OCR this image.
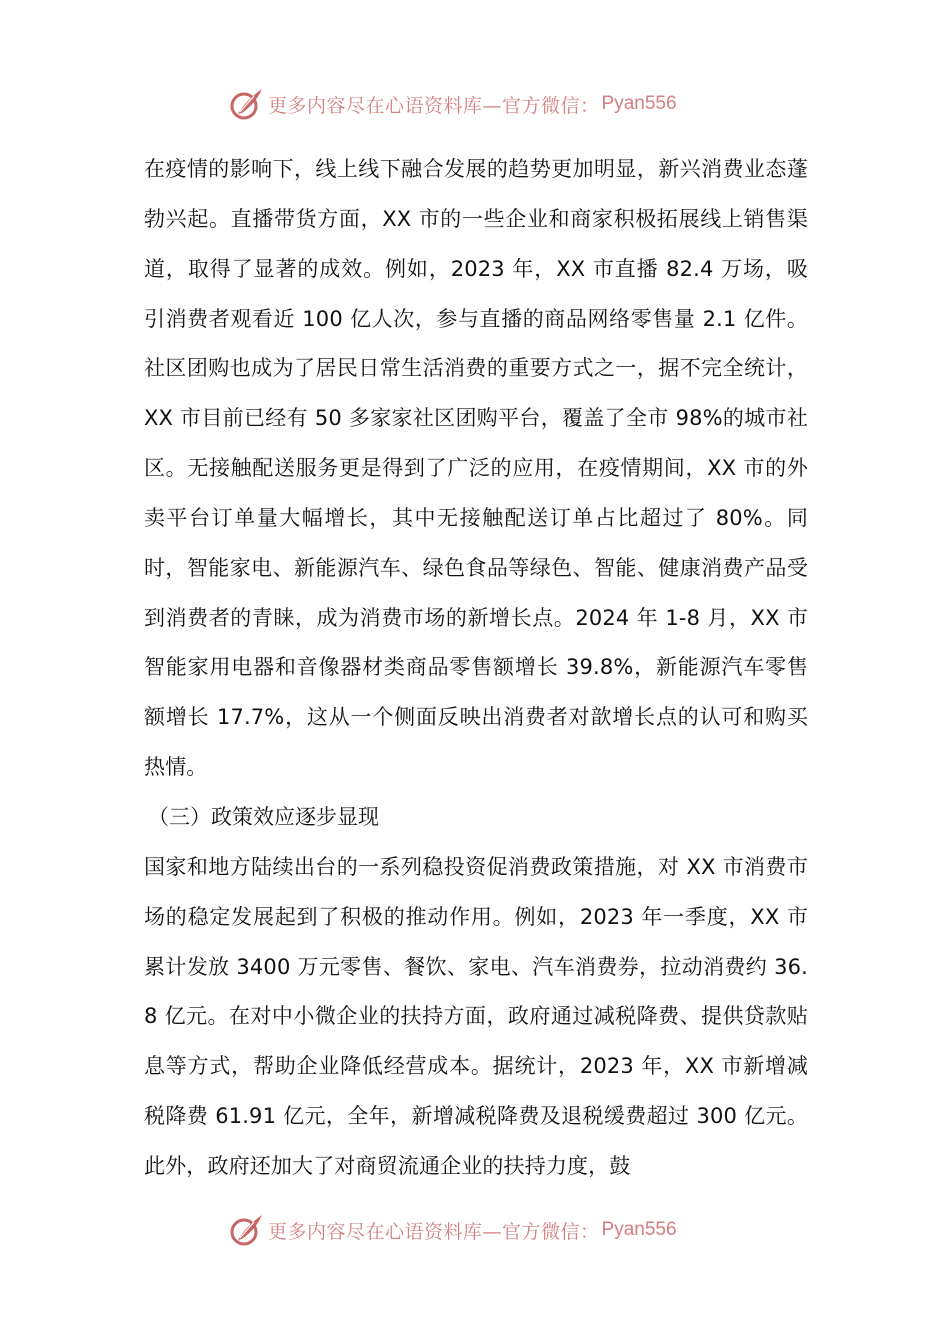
更多内容尽在心语资料库—官方微信： Pyan556

在疫情的影响下，线上线下融合发展的趋势更加明显，新兴消费业态蓬勃兴起。直播带货方面，XX 市的一些企业和商家积极拓展线上销售渠道，取得了显著的成效。例如，2023 年，XX 市直播 82.4 万场，吸引消费者观看近 100 亿人次，参与直播的商品网络零售量 2.1 亿件。社区团购也成为了居民日常生活消费的重要方式之一，据不完全统计，XX 市目前已经有 50 多家家社区团购平台，覆盖了全市 98%的城市社区。无接触配送服务更是得到了广泛的应用，在疫情期间，XX 市的外卖平台订单量大幅增长，其中无接触配送订单占比超过了 80%。同时，智能家电、新能源汽车、绿色食品等绿色、智能、健康消费产品受到消费者的青睐，成为消费市场的新增长点。2024 年 1-8 月，XX 市智能家用电器和音像器材类商品零售额增长 39.8%，新能源汽车零售额增长 17.7%，这从一个侧面反映出消费者对歆增长点的认可和购买热情。

（三）政策效应逐步显现

国家和地方陆续出台的一系列稳投资促消费政策措施，对 XX 市消费市场的稳定发展起到了积极的推动作用。例如，2023 年一季度，XX 市累计发放 3400 万元零售、餐饮、家电、汽车消费券，拉动消费约 36.8 亿元。在对中小微企业的扶持方面，政府通过减税降费、提供贷款贴息等方式，帮助企业降低经营成本。据统计，2023 年，XX 市新增减税降费 61.91 亿元，全年，新增减税降费及退税缓费超过 300 亿元。此外，政府还加大了对商贸流通企业的扶持力度，鼓

更多内容尽在心语资料库—官方微信： Pyan556
